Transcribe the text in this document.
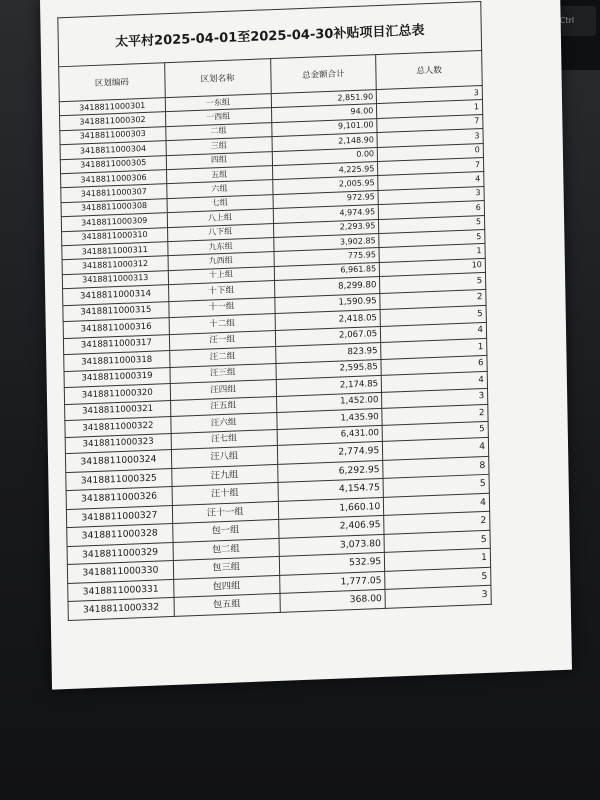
Ctrl
太平村2025-04-01至2025-04-30补贴项目汇总表			
区划编码	区划名称	总金额合计	总人数
3418811000301	一东组	2,851.90	3
3418811000302	一西组	94.00	1
3418811000303	二组	9,101.00	7
3418811000304	三组	2,148.90	3
3418811000305	四组	0.00	0
3418811000306	五组	4,225.95	7
3418811000307	六组	2,005.95	4
3418811000308	七组	972.95	3
3418811000309	八上组	4,974.95	6
3418811000310	八下组	2,293.95	5
3418811000311	九东组	3,902.85	5
3418811000312	九西组	775.95	1
3418811000313	十上组	6,961.85	10
3418811000314	十下组	8,299.80	5
3418811000315	十一组	1,590.95	2
3418811000316	十二组	2,418.05	5
3418811000317	汪一组	2,067.05	4
3418811000318	汪二组	823.95	1
3418811000319	汪三组	2,595.85	6
3418811000320	汪四组	2,174.85	4
3418811000321	汪五组	1,452.00	3
3418811000322	汪六组	1,435.90	2
3418811000323	汪七组	6,431.00	5
3418811000324	汪八组	2,774.95	4
3418811000325	汪九组	6,292.95	8
3418811000326	汪十组	4,154.75	5
3418811000327	汪十一组	1,660.10	4
3418811000328	包一组	2,406.95	2
3418811000329	包二组	3,073.80	5
3418811000330	包三组	532.95	1
3418811000331	包四组	1,777.05	5
3418811000332	包五组	368.00	3
